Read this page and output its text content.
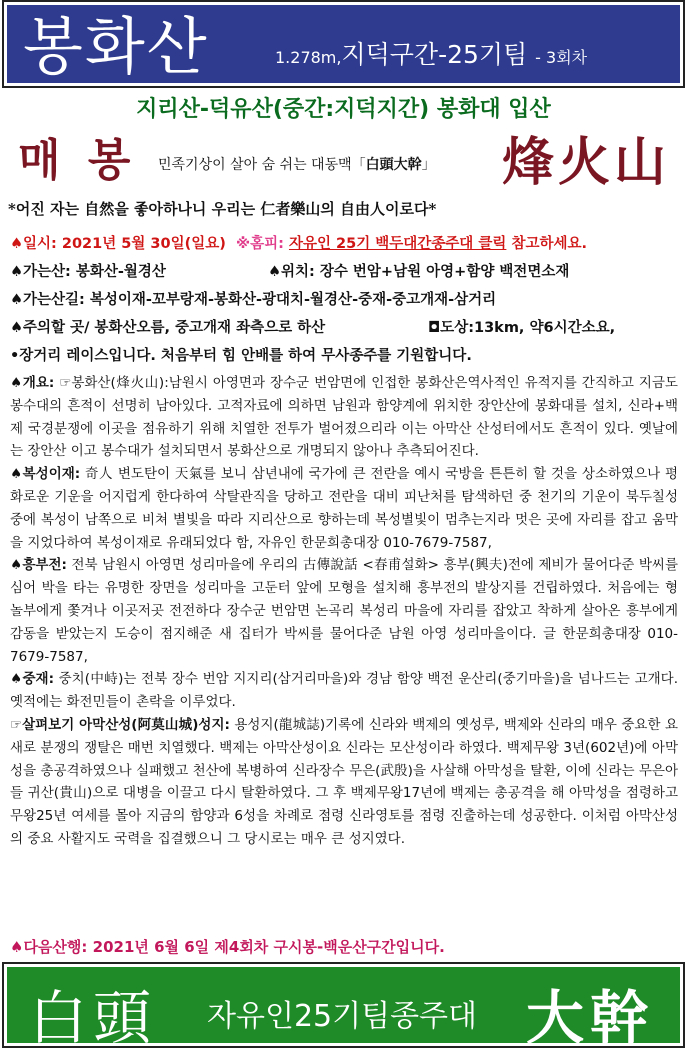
봉화산	1.278m,지덕구간-25기팀 - 3회차
지리산-덕유산(중간:지덕지간) 봉화대 입산
매 봉 민족기상이 살아 숨 쉬는 대동맥「白頭大幹」 烽火山
*어진 자는 自然을 좋아하나니 우리는 仁者樂山의 自由人이로다*
♠일시: 2021년 5월 30일(일요) ※홈피: 자유인 25기 백두대간종주대 클릭 참고하세요.
♠가는산: 봉화산-월경산	♠위치: 장수 번암+남원 아영+함양 백전면소재
♠가는산길: 복성이재-꼬부랑재-봉화산-광대치-월경산-중재-중고개재-삼거리
♠주의할 곳/ 봉화산오름, 중고개재 좌측으로 하산	◘도상:13km, 약6시간소요,
•장거리 레이스입니다. 처음부터 힘 안배를 하여 무사종주를 기원합니다.

♠개요: ☞봉화산(烽火山):남원시 아영면과 장수군 번암면에 인접한 봉화산은역사적인 유적지를 간직하고 지금도 봉수대의 흔적이 선명히 남아있다. 고적자료에 의하면 남원과 함양계에 위치한 장안산에 봉화대를 설치, 신라+백제 국경분쟁에 이곳을 점유하기 위해 치열한 전투가 벌어졌으리라 이는 아막산 산성터에서도 흔적이 있다. 옛날에는 장안산 이고 봉수대가 설치되면서 봉화산으로 개명되지 않아나 추측되어진다.

♠복성이재: 奇人 변도탄이 天氣를 보니 삼년내에 국가에 큰 전란을 예시 국방을 튼튼히 할 것을 상소하였으나 평화로운 기운을 어지럽게 한다하여 삭탈관직을 당하고 전란을 대비 피난처를 탐색하던 중 천기의 기운이 북두칠성 중에 복성이 남쪽으로 비쳐 별빛을 따라 지리산으로 향하는데 복성별빛이 멈추는지라 멋은 곳에 자리를 잡고 움막을 지었다하여 복성이재로 유래되었다 함, 자유인 한문희총대장 010-7679-7587,

♠흥부전: 전북 남원시 아영면 성리마을에 우리의 古傳說話 <春甫설화> 흥부(興夫)전에 제비가 물어다준 박씨를 심어 박을 타는 유명한 장면을 성리마을 고둔터 앞에 모형을 설치해 흥부전의 발상지를 건립하였다. 처음에는 형 놀부에게 쫓겨나 이곳저곳 전전하다 장수군 번암면 논곡리 복성리 마을에 자리를 잡았고 착하게 살아온 흥부에게 감동을 받았는지 도승이 점지해준 새 집터가 박씨를 물어다준 남원 아영 성리마을이다. 글 한문희총대장 010-7679-7587,

♠중재: 중치(中峙)는 전북 장수 번암 지지리(삼거리마을)와 경남 함양 백전 운산리(중기마을)을 넘나드는 고개다. 옛적에는 화전민들이 촌락을 이루었다.

☞살펴보기 아막산성(阿莫山城)성지: 용성지(龍城誌)기록에 신라와 백제의 옛성루, 백제와 신라의 매우 중요한 요새로 분쟁의 쟁탈은 매번 치열했다. 백제는 아막산성이요 신라는 모산성이라 하였다. 백제무왕 3년(602년)에 아막성을 총공격하였으나 실패했고 천산에 복병하여 신라장수 무은(武殷)을 사살해 아막성을 탈환, 이에 신라는 무은아들 귀산(貴山)으로 대병을 이끌고 다시 탈환하였다. 그 후 백제무왕17년에 백제는 총공격을 해 아막성을 점령하고 무왕25년 여세를 몰아 지금의 함양과 6성을 차례로 점령 신라영토를 점령 진출하는데 성공한다. 이처럼 아막산성의 중요 사활지도 국력을 집결했으니 그 당시로는 매우 큰 성지였다.

♠다음산행: 2021년 6월 6일 제4회차 구시봉-백운산구간입니다.
白頭 자유인25기팀종주대 大幹
